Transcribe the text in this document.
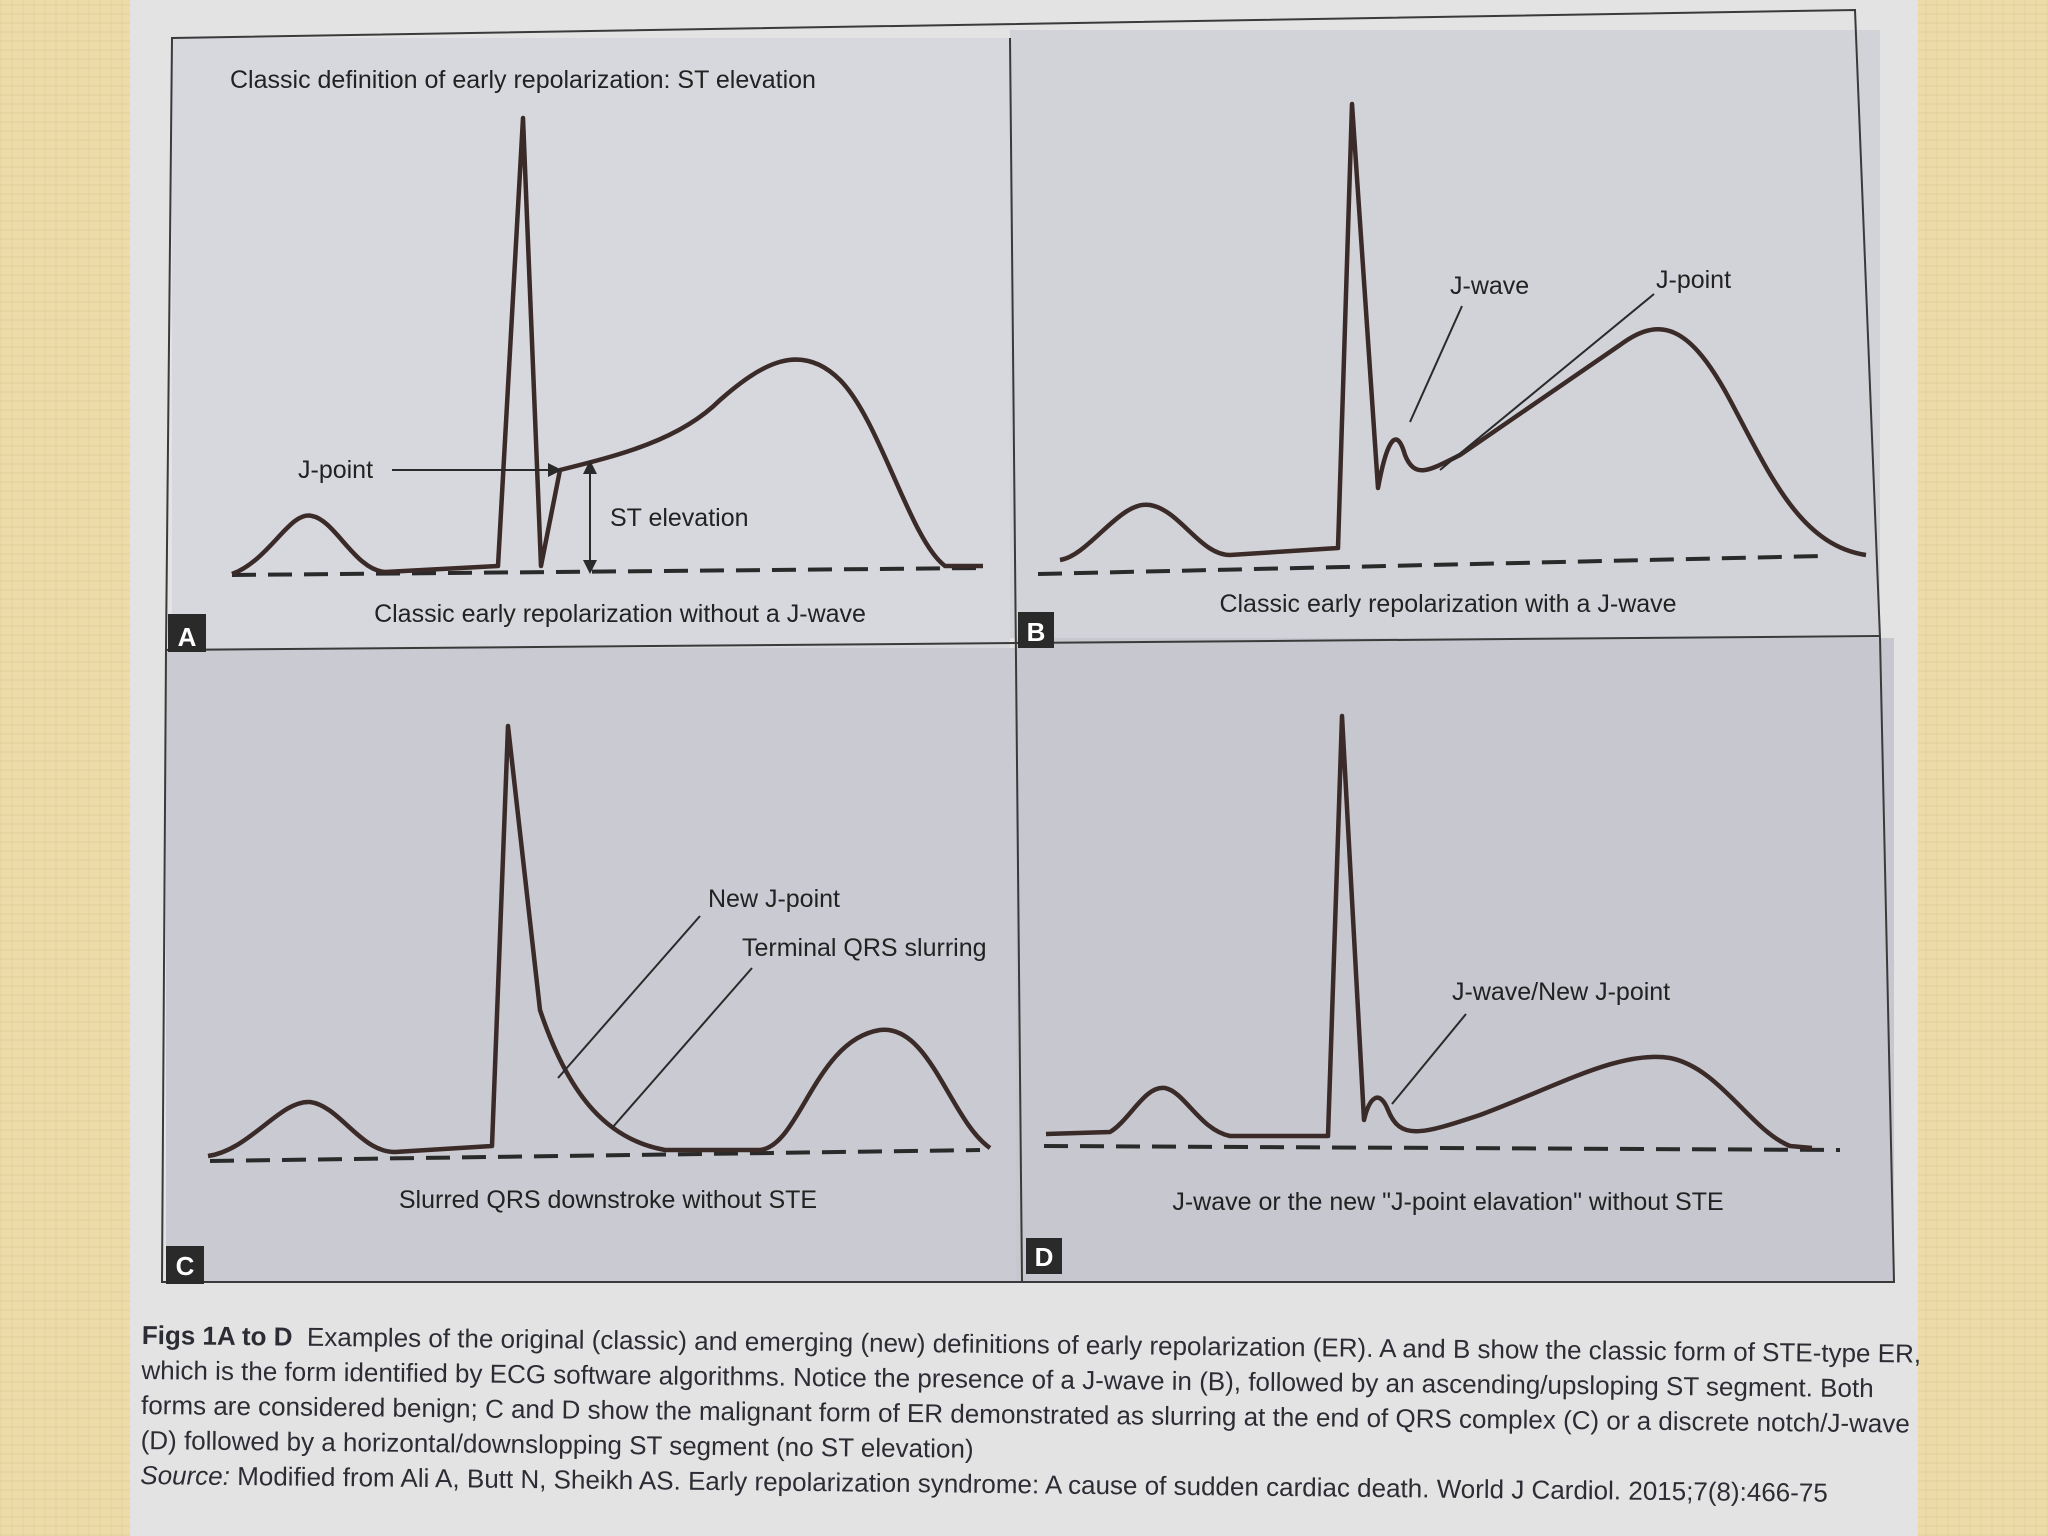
A	B
C	D
Classic definition of early repolarization: ST elevation
J-point
ST elevation
Classic early repolarization without a J-wave
J-wave	J-point
Classic early repolarization with a J-wave
New J-point
Terminal QRS slurring
Slurred QRS downstroke without STE
J-wave/New J-point
J-wave or the new "J-point elavation" without STE

Figs 1A to D Examples of the original (classic) and emerging (new) definitions of early repolarization (ER). A and B show the classic form of STE-type ER, which is the form identified by ECG software algorithms. Notice the presence of a J-wave in (B), followed by an ascending/upsloping ST segment. Both forms are considered benign; C and D show the malignant form of ER demonstrated as slurring at the end of QRS complex (C) or a discrete notch/J-wave (D) followed by a horizontal/downslopping ST segment (no ST elevation)

Source: Modified from Ali A, Butt N, Sheikh AS. Early repolarization syndrome: A cause of sudden cardiac death. World J Cardiol. 2015;7(8):466-75
